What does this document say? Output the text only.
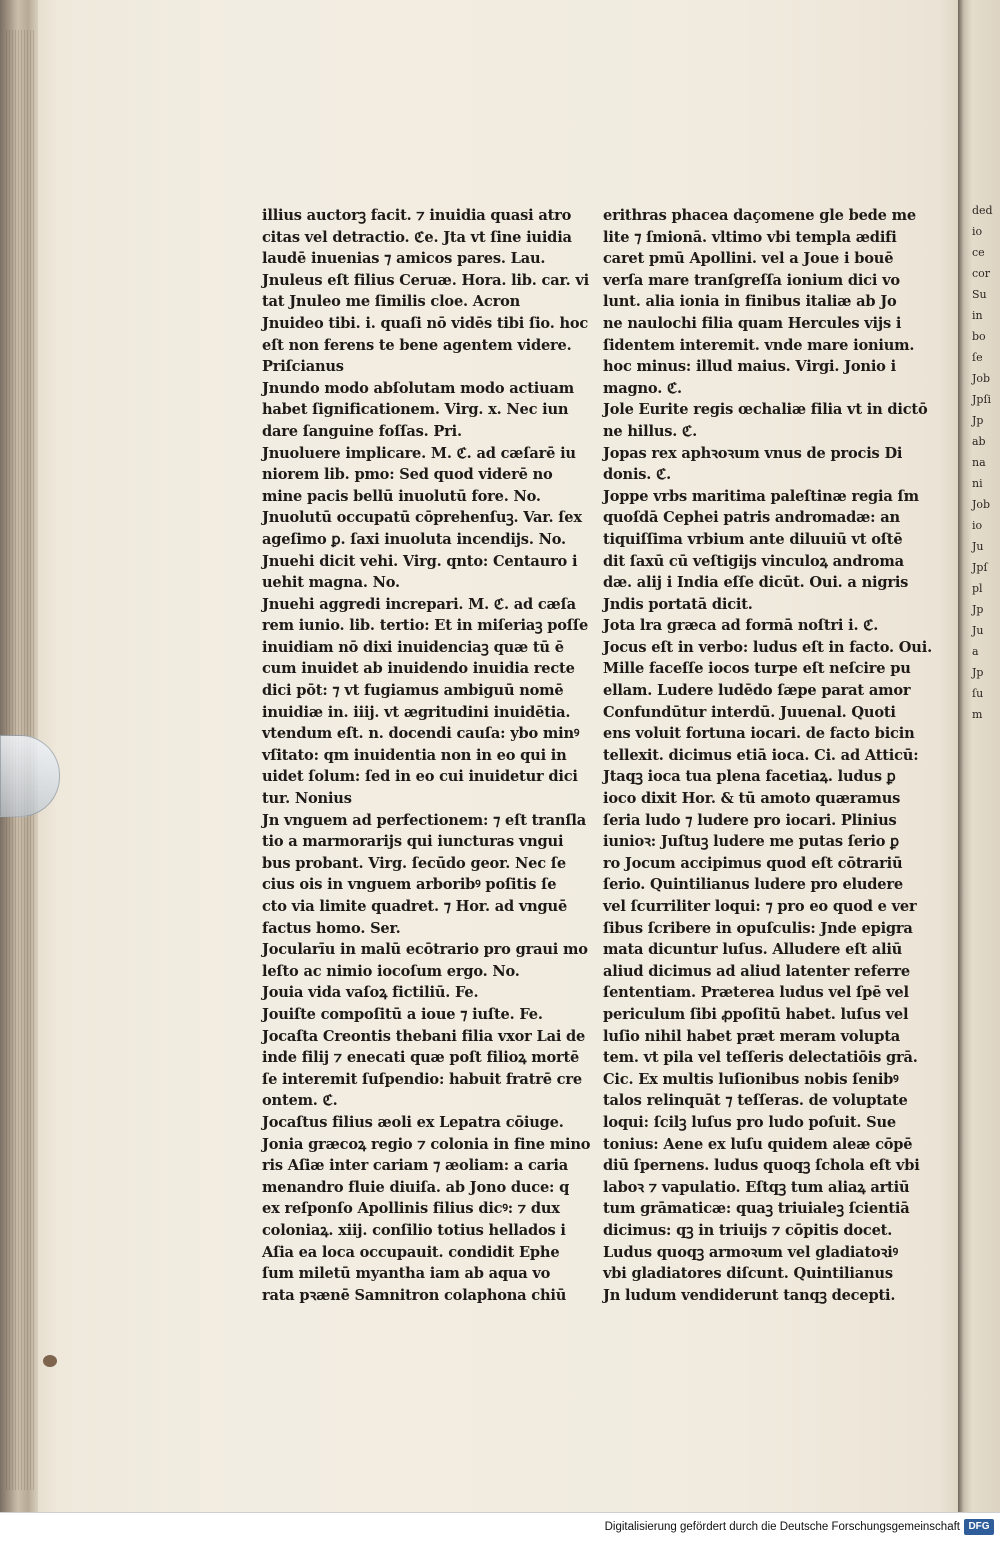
ded
io
ce
cor
Su
in
bo
ſe
Job
Jpſi
Jp
ab
na
ni
Job
io
Ju
Jpſ
pl
Jp
Ju
a
Jp
ſu
m
illius auctorꝫ facit. ⁊ inuidia quasi atro
citas vel detractio. ℭe. Jta vt ſine iuidia
laudē inuenias ⁊ amicos pares. Lau.
Jnuleus eſt filius Ceruæ. Hora. lib. car. vi
tat Jnuleo me ſimilis cloe. Acron
Jnuideo tibi. i. quaſi nō vidēs tibi ſio. hoc
eſt non ferens te bene agentem videre.
Priſcianus
Jnundo modo abſolutam modo actiuam
habet ſignificationem. Virg. x. Nec iun
dare ſanguine foſſas. Pri.
Jnuoluere implicare. M. ℭ. ad cæſarē iu
niorem lib. pmo: Sed quod viderē no
mine pacis bellū inuolutū fore. No.
Jnuolutū occupatū cōprehenſuꝫ. Var. ſex
ageſimo ꝑ. ſaxi inuoluta incendijs. No.
Jnuehi dicit vehi. Virg. qnto: Centauro i
uehit magna. No.
Jnuehi aggredi increpari. M. ℭ. ad cæſa
rem iunio. lib. tertio: Et in miſeriaꝫ poſſe
inuidiam nō dixi inuidenciaꝫ quæ tū ē
cum inuidet ab inuidendo inuidia recte
dici pōt: ⁊ vt fugiamus ambiguū nomē
inuidiæ in. iiij. vt ægritudini inuidētia.
vtendum eſt. n. docendi cauſa: ybo minꝰ
vſitato: qm inuidentia non in eo qui in
uidet ſolum: ſed in eo cui inuidetur dici
tur. Nonius
Jn vnguem ad perfectionem: ⁊ eſt tranſla
tio a marmorarijs qui iuncturas vngui
bus probant. Virg. ſecūdo geor. Nec ſe
cius ois in vnguem arboribꝰ poſitis ſe
cto via limite quadret. ⁊ Hor. ad vnguē
factus homo. Ser.
Jocularīu in malū ecōtrario pro graui mo
leſto ac nimio iocoſum ergo. No.
Jouia vida vaſoꝝ fictiliū. Fe.
Jouiſte compoſitū a ioue ⁊ iuſte. Fe.
Jocaſta Creontis thebani filia vxor Lai de
inde filij ⁊ enecati quæ poſt filioꝝ mortē
ſe interemit ſuſpendio: habuit fratrē cre
ontem. ℭ.
Jocaſtus filius æoli ex Lepatra cōiuge.
Jonia græcoꝝ regio ⁊ colonia in fine mino
ris Aſiæ inter cariam ⁊ æoliam: a caria
menandro fluie diuiſa. ab Jono duce: q
ex reſponſo Apollinis filius dicꝰ: ⁊ dux
coloniaꝝ. xiij. conſilio totius hellados i
Aſia ea loca occupauit. condidit Ephe
ſum miletū myantha iam ab aqua vo
rata pꝛænē Samnitron colaphona chiū
erithras phacea daçomene gle bede me
lite ⁊ ſmionā. vltimo vbi templa ædifi
caret pmū Apollini. vel a Joue i bouē
verſa mare tranſgreſſa ionium dici vo
lunt. alia ionia in finibus italiæ ab Jo
ne naulochi filia quam Hercules vijs i
ſidentem interemit. vnde mare ionium.
hoc minus: illud maius. Virgi. Jonio i
magno. ℭ.
Jole Eurite regis œchaliæ filia vt in dictō
ne hillus. ℭ.
Jopas rex aphꝛoꝛum vnus de procis Di
donis. ℭ.
Joppe vrbs maritima paleſtinæ regia ſm
quoſdā Cephei patris andromadæ: an
tiquiſſima vrbium ante diluuiū vt oſtē
dit ſaxū cū veſtigijs vinculoꝝ androma
dæ. alij i India eſſe dicūt. Oui. a nigris
Jndis portatā dicit.
Jota lra græca ad formā noſtri i. ℭ.
Jocus eſt in verbo: ludus eſt in facto. Oui.
Mille faceſſe iocos turpe eſt neſcire pu
ellam. Ludere ludēdo ſæpe parat amor
Confundūtur interdū. Juuenal. Quoti
ens voluit fortuna iocari. de facto bicin
tellexit. dicimus etiā ioca. Ci. ad Atticū:
Jtaqꝫ ioca tua plena facetiaꝝ. ludus ꝑ
ioco dixit Hor. & tū amoto quæramus
ſeria ludo ⁊ ludere pro iocari. Plinius
iunioꝛ: Juſtuꝫ ludere me putas ſerio ꝑ
ro Jocum accipimus quod eſt cōtrariū
ſerio. Quintilianus ludere pro eludere
vel ſcurriliter loqui: ⁊ pro eo quod e ver
ſibus ſcribere in opuſculis: Jnde epigra
mata dicuntur luſus. Alludere eſt aliū
aliud dicimus ad aliud latenter referre
ſententiam. Præterea ludus vel ſpē vel
periculum ſibi ꝓpoſitū habet. luſus vel
luſio nihil habet præt meram volupta
tem. vt pila vel teſſeris delectatiōis grā.
Cic. Ex multis luſionibus nobis ſenibꝰ
talos relinquāt ⁊ teſſeras. de voluptate
loqui: ſcilꝫ luſus pro ludo poſuit. Sue
tonius: Aene ex luſu quidem aleæ cōpē
diū ſpernens. ludus quoqꝫ ſchola eſt vbi
laboꝛ ⁊ vapulatio. Eſtqꝫ tum aliaꝝ artiū
tum grāmaticæ: quaꝫ triuialeꝫ ſcientiā
dicimus: qꝫ in triuijs ⁊ cōpitis docet.
Ludus quoqꝫ armoꝛum vel gladiatoꝛiꝰ
vbi gladiatores diſcunt. Quintilianus
Jn ludum vendiderunt tanqꝫ decepti.
Digitalisierung gefördert durch die Deutsche Forschungsgemeinschaft DFG
